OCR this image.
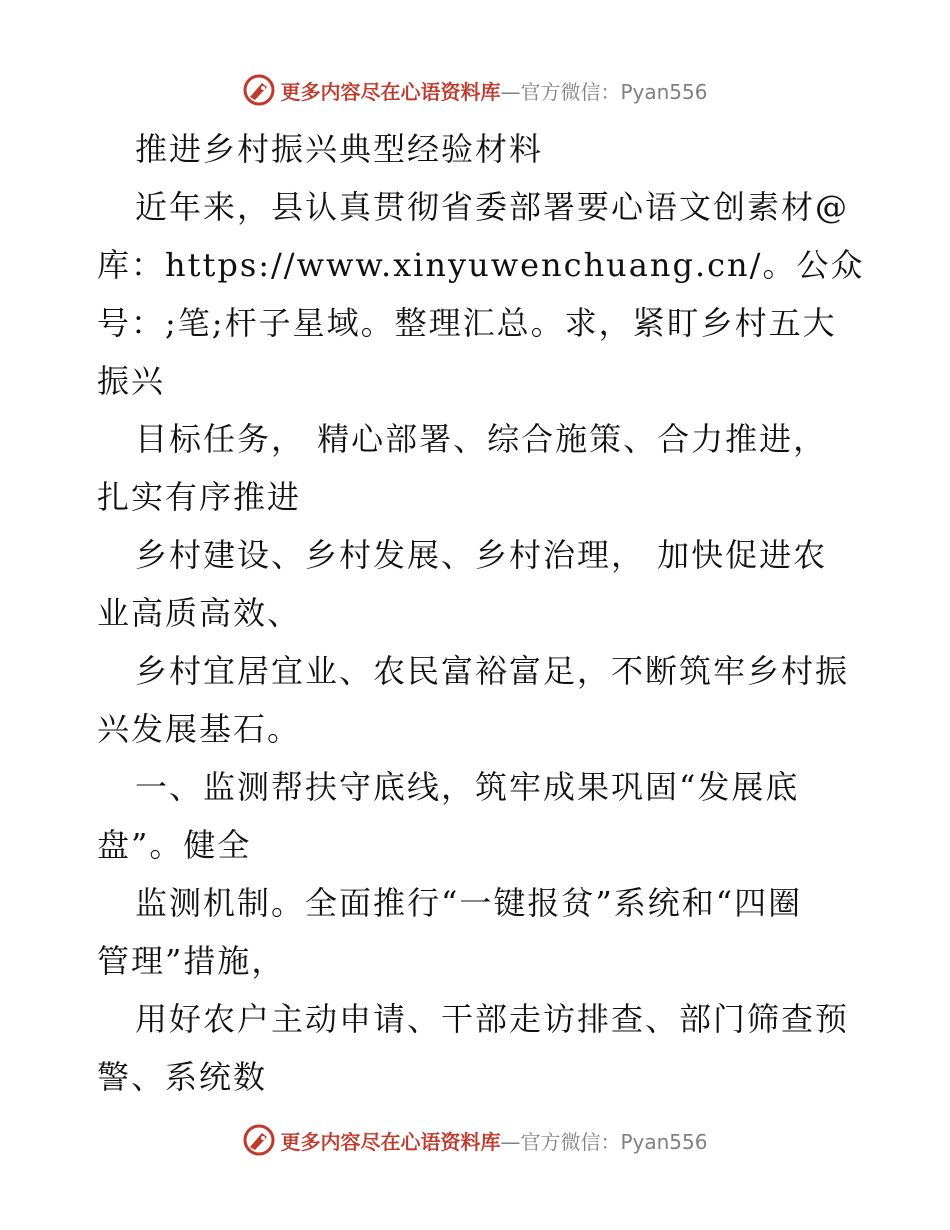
更多内容尽在心语资料库 —官方微信：Pyan556
推进乡村振兴典型经验材料
近年来，县认真贯彻省委部署要心语文创素材@
库：https://www.xinyuwenchuang.cn/。公众
号：;笔;杆子星域。整理汇总。求，紧盯乡村五大
振兴
目标任务， 精心部署、综合施策、合力推进，
扎实有序推进
乡村建设、乡村发展、乡村治理， 加快促进农
业高质高效、
乡村宜居宜业、农民富裕富足，不断筑牢乡村振
兴发展基石。
一、监测帮扶守底线，筑牢成果巩固“发展底
盘”。健全
监测机制。全面推行“一键报贫”系统和“四圈
管理”措施，
用好农户主动申请、干部走访排查、部门筛查预
警、系统数
更多内容尽在心语资料库 —官方微信：Pyan556
